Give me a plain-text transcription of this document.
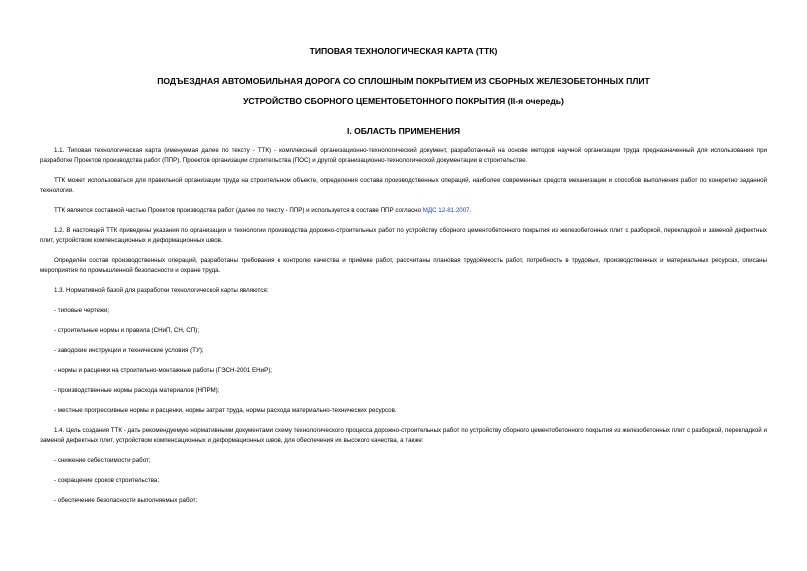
ТИПОВАЯ ТЕХНОЛОГИЧЕСКАЯ КАРТА (ТТК)
ПОДЪЕЗДНАЯ АВТОМОБИЛЬНАЯ ДОРОГА СО СПЛОШНЫМ ПОКРЫТИЕМ ИЗ СБОРНЫХ ЖЕЛЕЗОБЕТОННЫХ ПЛИТ
УСТРОЙСТВО СБОРНОГО ЦЕМЕНТОБЕТОННОГО ПОКРЫТИЯ (II-я очередь)
I. ОБЛАСТЬ ПРИМЕНЕНИЯ

1.1. Типовая технологическая карта (именуемая далее по тексту - ТТК) - комплексный организационно-технологический документ, разработанный на основе методов научной организации труда предназначенный для использования при разработке Проектов производства работ (ППР), Проектов организации строительства (ПОС) и другой организационно-технологической документации в строительстве.

ТТК может использоваться для правильной организации труда на строительном объекте, определения состава производственных операций, наиболее современных средств механизации и способов выполнения работ по конкретно заданной технологии.

ТТК является составной частью Проектов производства работ (далее по тексту - ППР) и используется в составе ППР согласно МДС 12-81.2007.

1.2. В настоящей ТТК приведены указания по организации и технологии производства дорожно-строительных работ по устройству сборного цементобетонного покрытия из железобетонных плит с разборкой, перекладкой и заменой дефектных плит, устройством компенсационных и деформационных швов.

Определён состав производственных операций, разработаны требования к контролю качества и приёмке работ, рассчитаны плановая трудоёмкость работ, потребность в трудовых, производственных и материальных ресурсах, описаны мероприятия по промышленной безопасности и охране труда.

1.3. Нормативной базой для разработки технологической карты являются:

- типовые чертежи;

- строительные нормы и правила (СНиП, СН, СП);

- заводские инструкции и технические условия (ТУ);

- нормы и расценки на строительно-монтажные работы (ГЭСН-2001 ЕНиР);

- производственные нормы расхода материалов (НПРМ);

- местные прогрессивные нормы и расценки, нормы затрат труда, нормы расхода материально-технических ресурсов.

1.4. Цель создания ТТК - дать рекомендуемую нормативными документами схему технологического процесса дорожно-строительных работ по устройству сборного цементобетонного покрытия из железобетонных плит с разборкой, перекладкой и заменой дефектных плит, устройством компенсационных и деформационных швов, для обеспечения их высокого качества, а также:

- снижение себестоимости работ;

- сокращение сроков строительства;

- обеспечение безопасности выполняемых работ;
